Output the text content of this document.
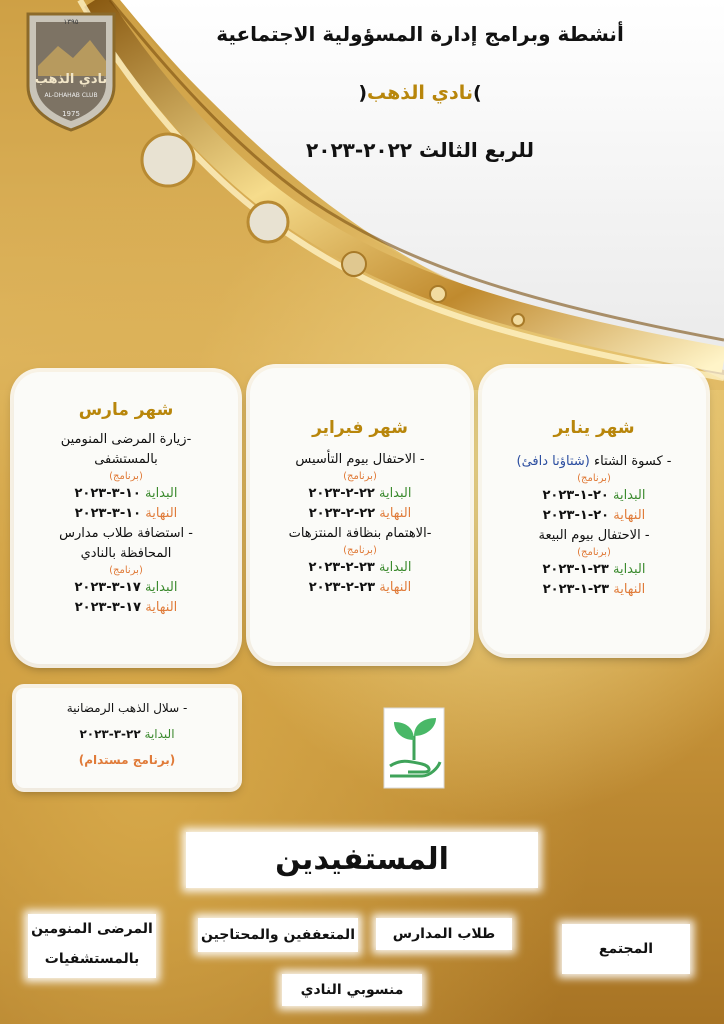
نادي الذهب
AL-DHAHAB CLUB
١٣٩٥
1975
أنشطة وبرامج إدارة المسؤولية الاجتماعية
)نادي الذهب(
للربع الثالث ٢٠٢٢-٢٠٢٣
شهر يناير
- كسوة الشتاء (شتاؤنا دافئ)
(برنامج)
البداية ٢٠-١-٢٠٢٣
النهاية ٢٠-١-٢٠٢٣
- الاحتفال بيوم البيعة
(برنامج)
البداية ٢٣-١-٢٠٢٣
النهاية ٢٣-١-٢٠٢٣
شهر فبراير
- الاحتفال بيوم التأسيس
(برنامج)
البداية ٢٢-٢-٢٠٢٣
النهاية ٢٢-٢-٢٠٢٣
-الاهتمام بنظافة المنتزهات
(برنامج)
البداية ٢٣-٢-٢٠٢٣
النهاية ٢٣-٢-٢٠٢٣
شهر مارس
-زيارة المرضى المنومين
بالمستشفى
(برنامج)
البداية ١٠-٣-٢٠٢٣
النهاية ١٠-٣-٢٠٢٣
- استضافة طلاب مدارس
المحافظة بالنادي
(برنامج)
البداية ١٧-٣-٢٠٢٣
النهاية ١٧-٣-٢٠٢٣
- سلال الذهب الرمضانية
البداية ٢٢-٣-٢٠٢٣
(برنامج مستدام)
المستفيدين
المجتمع
طلاب المدارس
المتعففين والمحتاجين
المرضى المنومين
بالمستشفيات
منسوبي النادي
